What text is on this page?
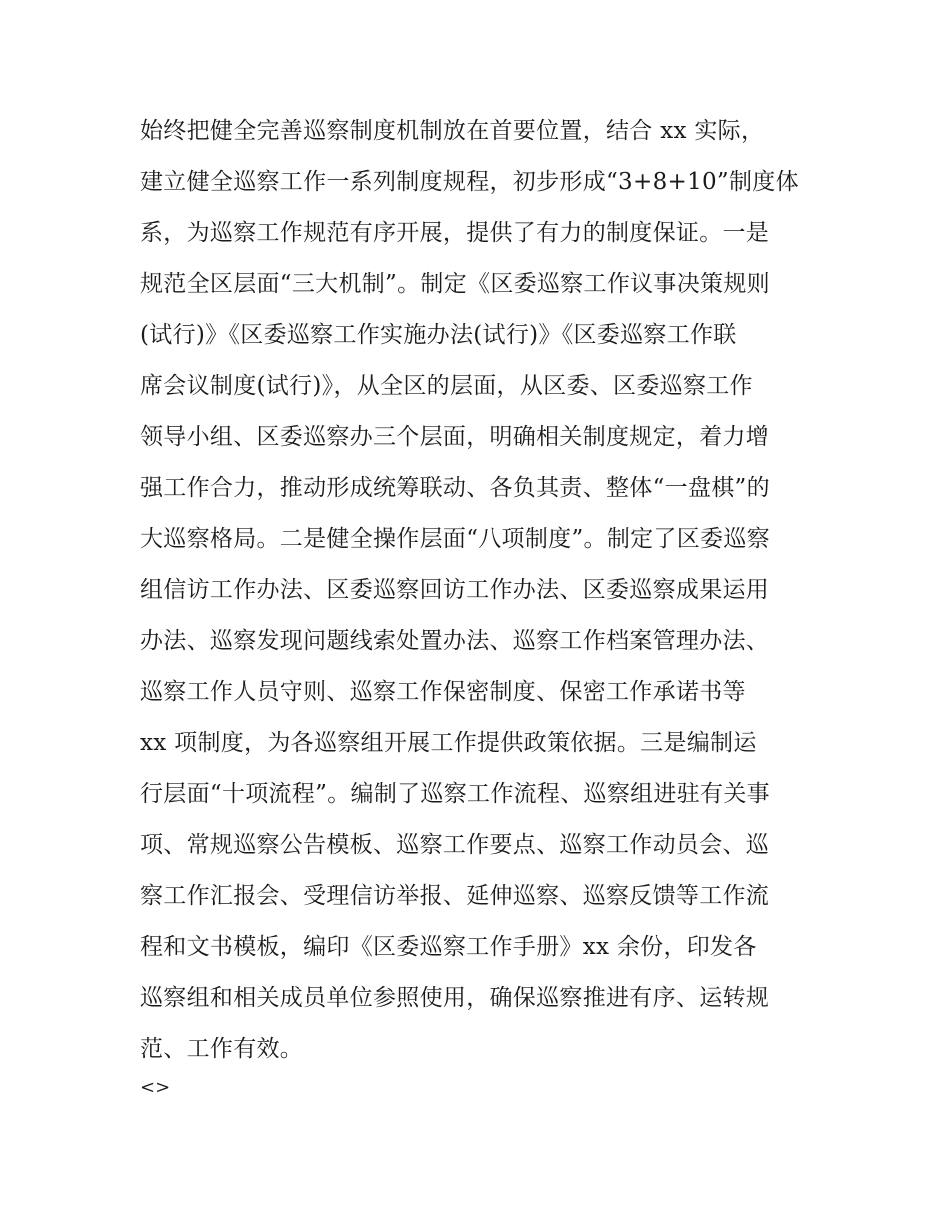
始终把健全完善巡察制度机制放在首要位置，结合 xx 实际，
建立健全巡察工作一系列制度规程，初步形成“3+8+10”制度体
系，为巡察工作规范有序开展，提供了有力的制度保证。一是
规范全区层面“三大机制”。制定《区委巡察工作议事决策规则
(试行)》《区委巡察工作实施办法(试行)》《区委巡察工作联
席会议制度(试行)》，从全区的层面，从区委、区委巡察工作
领导小组、区委巡察办三个层面，明确相关制度规定，着力增
强工作合力，推动形成统筹联动、各负其责、整体“一盘棋”的
大巡察格局。二是健全操作层面“八项制度”。制定了区委巡察
组信访工作办法、区委巡察回访工作办法、区委巡察成果运用
办法、巡察发现问题线索处置办法、巡察工作档案管理办法、
巡察工作人员守则、巡察工作保密制度、保密工作承诺书等
xx 项制度，为各巡察组开展工作提供政策依据。三是编制运
行层面“十项流程”。编制了巡察工作流程、巡察组进驻有关事
项、常规巡察公告模板、巡察工作要点、巡察工作动员会、巡
察工作汇报会、受理信访举报、延伸巡察、巡察反馈等工作流
程和文书模板，编印《区委巡察工作手册》xx 余份，印发各
巡察组和相关成员单位参照使用，确保巡察推进有序、运转规
范、工作有效。
<>
